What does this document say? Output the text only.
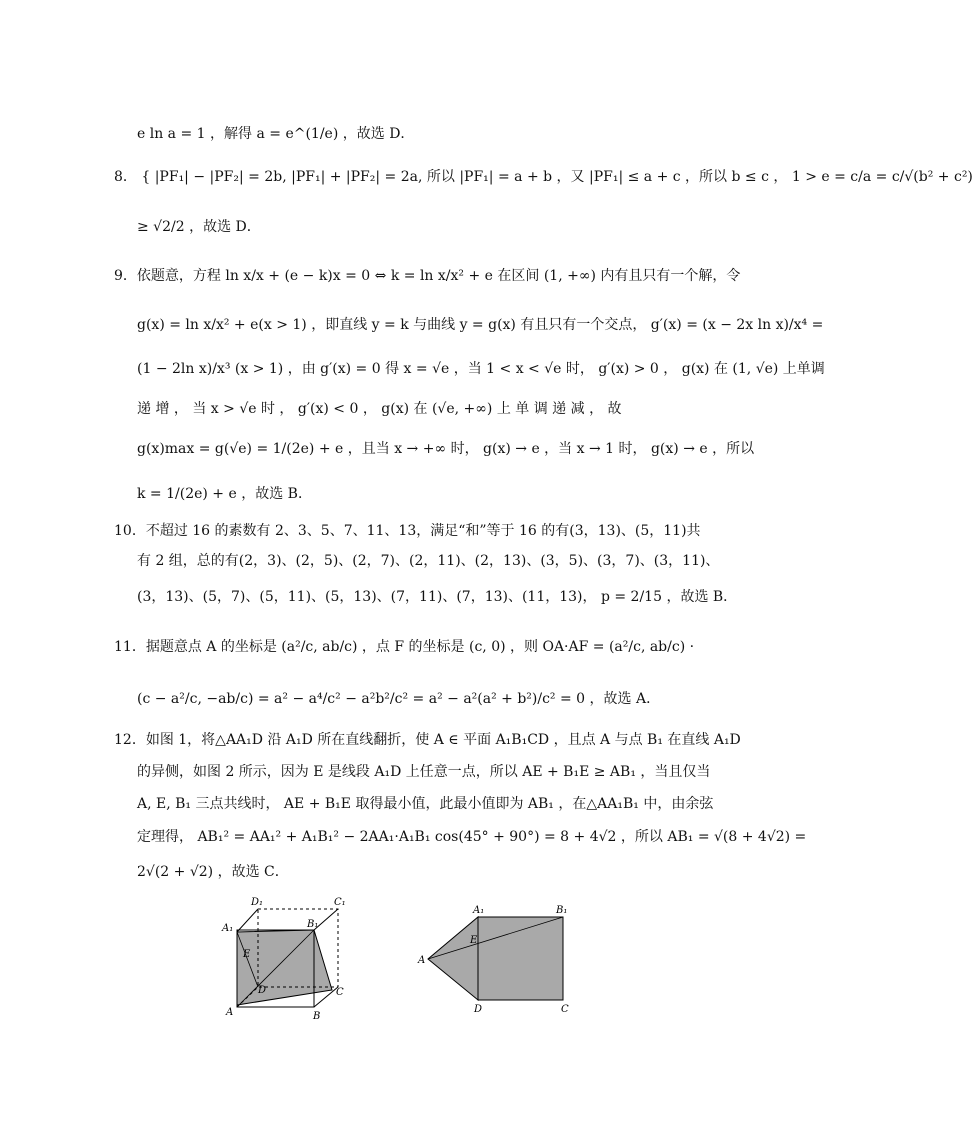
e ln a = 1 ，解得 a = e^(1/e) ，故选 D．
8． { |PF₁| − |PF₂| = 2b, |PF₁| + |PF₂| = 2a, 所以 |PF₁| = a + b ，又 |PF₁| ≤ a + c ，所以 b ≤ c ， 1 > e = c/a = c/√(b² + c²)
≥ √2/2 ，故选 D．
9．依题意，方程 ln x/x + (e − k)x = 0 ⇔ k = ln x/x² + e 在区间 (1, +∞) 内有且只有一个解，令
g(x) = ln x/x² + e(x > 1) ，即直线 y = k 与曲线 y = g(x) 有且只有一个交点， g′(x) = (x − 2x ln x)/x⁴ =
(1 − 2ln x)/x³ (x > 1) ，由 g′(x) = 0 得 x = √e ，当 1 < x < √e 时， g′(x) > 0 ， g(x) 在 (1, √e) 上单调
递 增 ， 当 x > √e 时 ， g′(x) < 0 ， g(x) 在 (√e, +∞) 上 单 调 递 减 ， 故
g(x)max = g(√e) = 1/(2e) + e ，且当 x → +∞ 时， g(x) → e ，当 x → 1 时， g(x) → e ，所以
k = 1/(2e) + e ，故选 B．
10．不超过 16 的素数有 2、3、5、7、11、13，满足“和”等于 16 的有(3，13)、(5，11)共
有 2 组，总的有(2，3)、(2，5)、(2，7)、(2，11)、(2，13)、(3，5)、(3，7)、(3，11)、
(3，13)、(5，7)、(5，11)、(5，13)、(7，11)、(7，13)、(11，13)， p = 2/15 ，故选 B．
11．据题意点 A 的坐标是 (a²/c, ab/c) ，点 F 的坐标是 (c, 0) ，则 OA·AF = (a²/c, ab/c) ·
(c − a²/c, −ab/c) = a² − a⁴/c² − a²b²/c² = a² − a²(a² + b²)/c² = 0 ，故选 A．
12．如图 1，将△AA₁D 沿 A₁D 所在直线翻折，使 A ∈ 平面 A₁B₁CD ，且点 A 与点 B₁ 在直线 A₁D
的异侧，如图 2 所示，因为 E 是线段 A₁D 上任意一点，所以 AE + B₁E ≥ AB₁ ，当且仅当
A, E, B₁ 三点共线时， AE + B₁E 取得最小值，此最小值即为 AB₁ ，在△AA₁B₁ 中，由余弦
定理得， AB₁² = AA₁² + A₁B₁² − 2AA₁·A₁B₁ cos(45° + 90°) = 8 + 4√2 ，所以 AB₁ = √(8 + 4√2) =
2√(2 + √2) ，故选 C．
D₁	C₁
A₁	B₁
E
D	C
A	B
A₁	B₁
E
A
D	C
